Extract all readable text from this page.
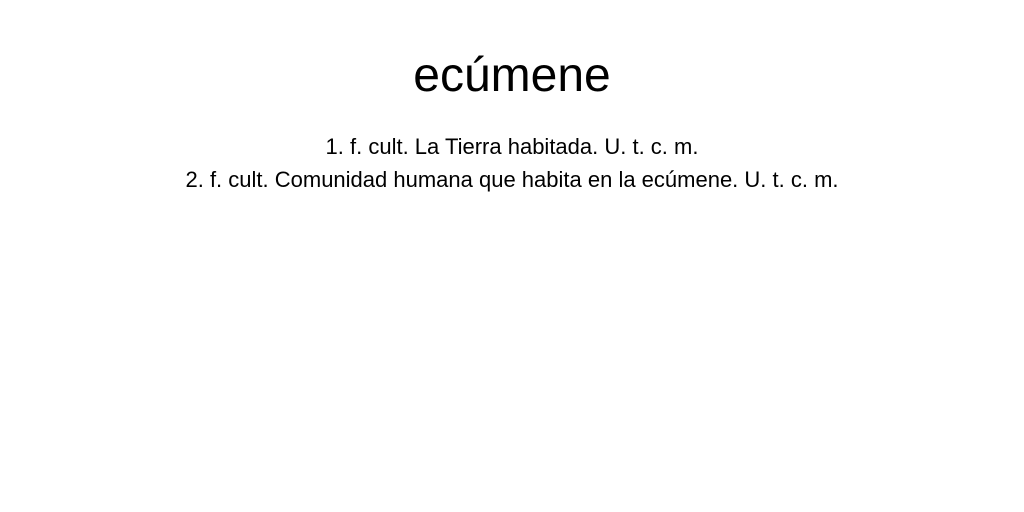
ecúmene
1. f. cult. La Tierra habitada. U. t. c. m.
2. f. cult. Comunidad humana que habita en la ecúmene. U. t. c. m.
